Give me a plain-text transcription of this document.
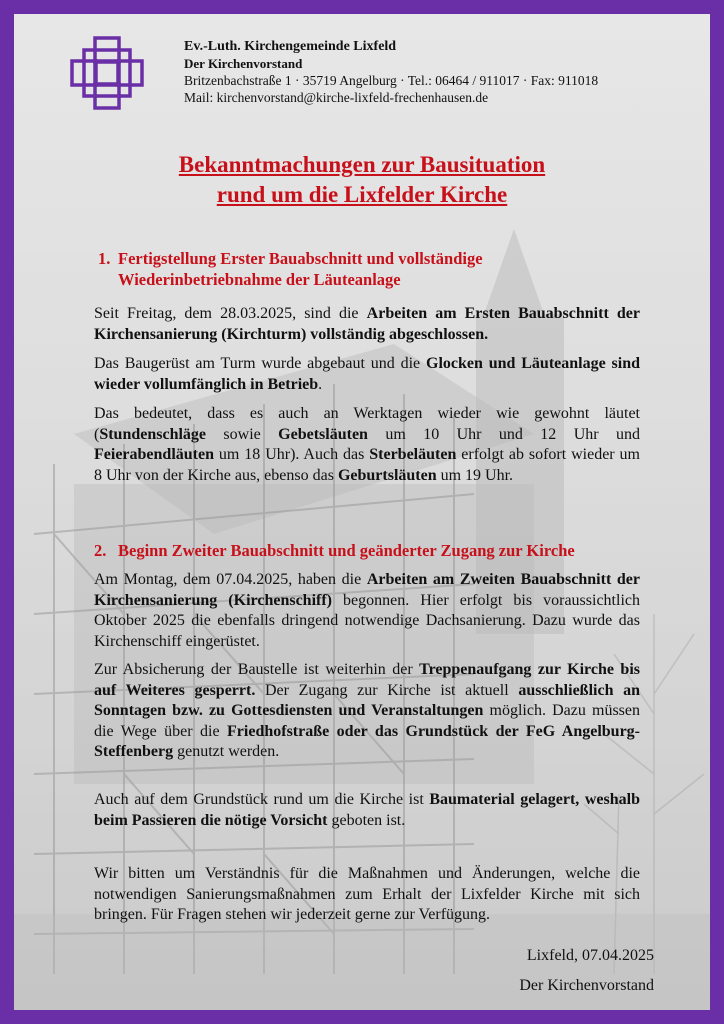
Ev.-Luth. Kirchengemeinde Lixfeld
Der Kirchenvorstand
Britzenbachstraße 1 · 35719 Angelburg · Tel.: 06464 / 911017 · Fax: 911018
Mail: kirchenvorstand@kirche-lixfeld-frechenhausen.de
Bekanntmachungen zur Bausituation
rund um die Lixfelder Kirche
1. Fertigstellung Erster Bauabschnitt und vollständige
Wiederinbetriebnahme der Läuteanlage
Seit Freitag, dem 28.03.2025, sind die Arbeiten am Ersten Bauabschnitt der Kirchensanierung (Kirchturm) vollständig abgeschlossen.
Das Baugerüst am Turm wurde abgebaut und die Glocken und Läuteanlage sind wieder vollumfänglich in Betrieb.
Das bedeutet, dass es auch an Werktagen wieder wie gewohnt läutet (Stundenschläge sowie Gebetsläuten um 10 Uhr und 12 Uhr und Feierabendläuten um 18 Uhr). Auch das Sterbeläuten erfolgt ab sofort wieder um 8 Uhr von der Kirche aus, ebenso das Geburtsläuten um 19 Uhr.
2. Beginn Zweiter Bauabschnitt und geänderter Zugang zur Kirche
Am Montag, dem 07.04.2025, haben die Arbeiten am Zweiten Bauabschnitt der Kirchensanierung (Kirchenschiff) begonnen. Hier erfolgt bis voraussichtlich Oktober 2025 die ebenfalls dringend notwendige Dachsanierung. Dazu wurde das Kirchenschiff eingerüstet.
Zur Absicherung der Baustelle ist weiterhin der Treppenaufgang zur Kirche bis auf Weiteres gesperrt. Der Zugang zur Kirche ist aktuell ausschließlich an Sonntagen bzw. zu Gottesdiensten und Veranstaltungen möglich. Dazu müssen die Wege über die Friedhofstraße oder das Grundstück der FeG Angelburg-Steffenberg genutzt werden.
Auch auf dem Grundstück rund um die Kirche ist Baumaterial gelagert, weshalb beim Passieren die nötige Vorsicht geboten ist.
Wir bitten um Verständnis für die Maßnahmen und Änderungen, welche die notwendigen Sanierungsmaßnahmen zum Erhalt der Lixfelder Kirche mit sich bringen. Für Fragen stehen wir jederzeit gerne zur Verfügung.
Lixfeld, 07.04.2025
Der Kirchenvorstand
